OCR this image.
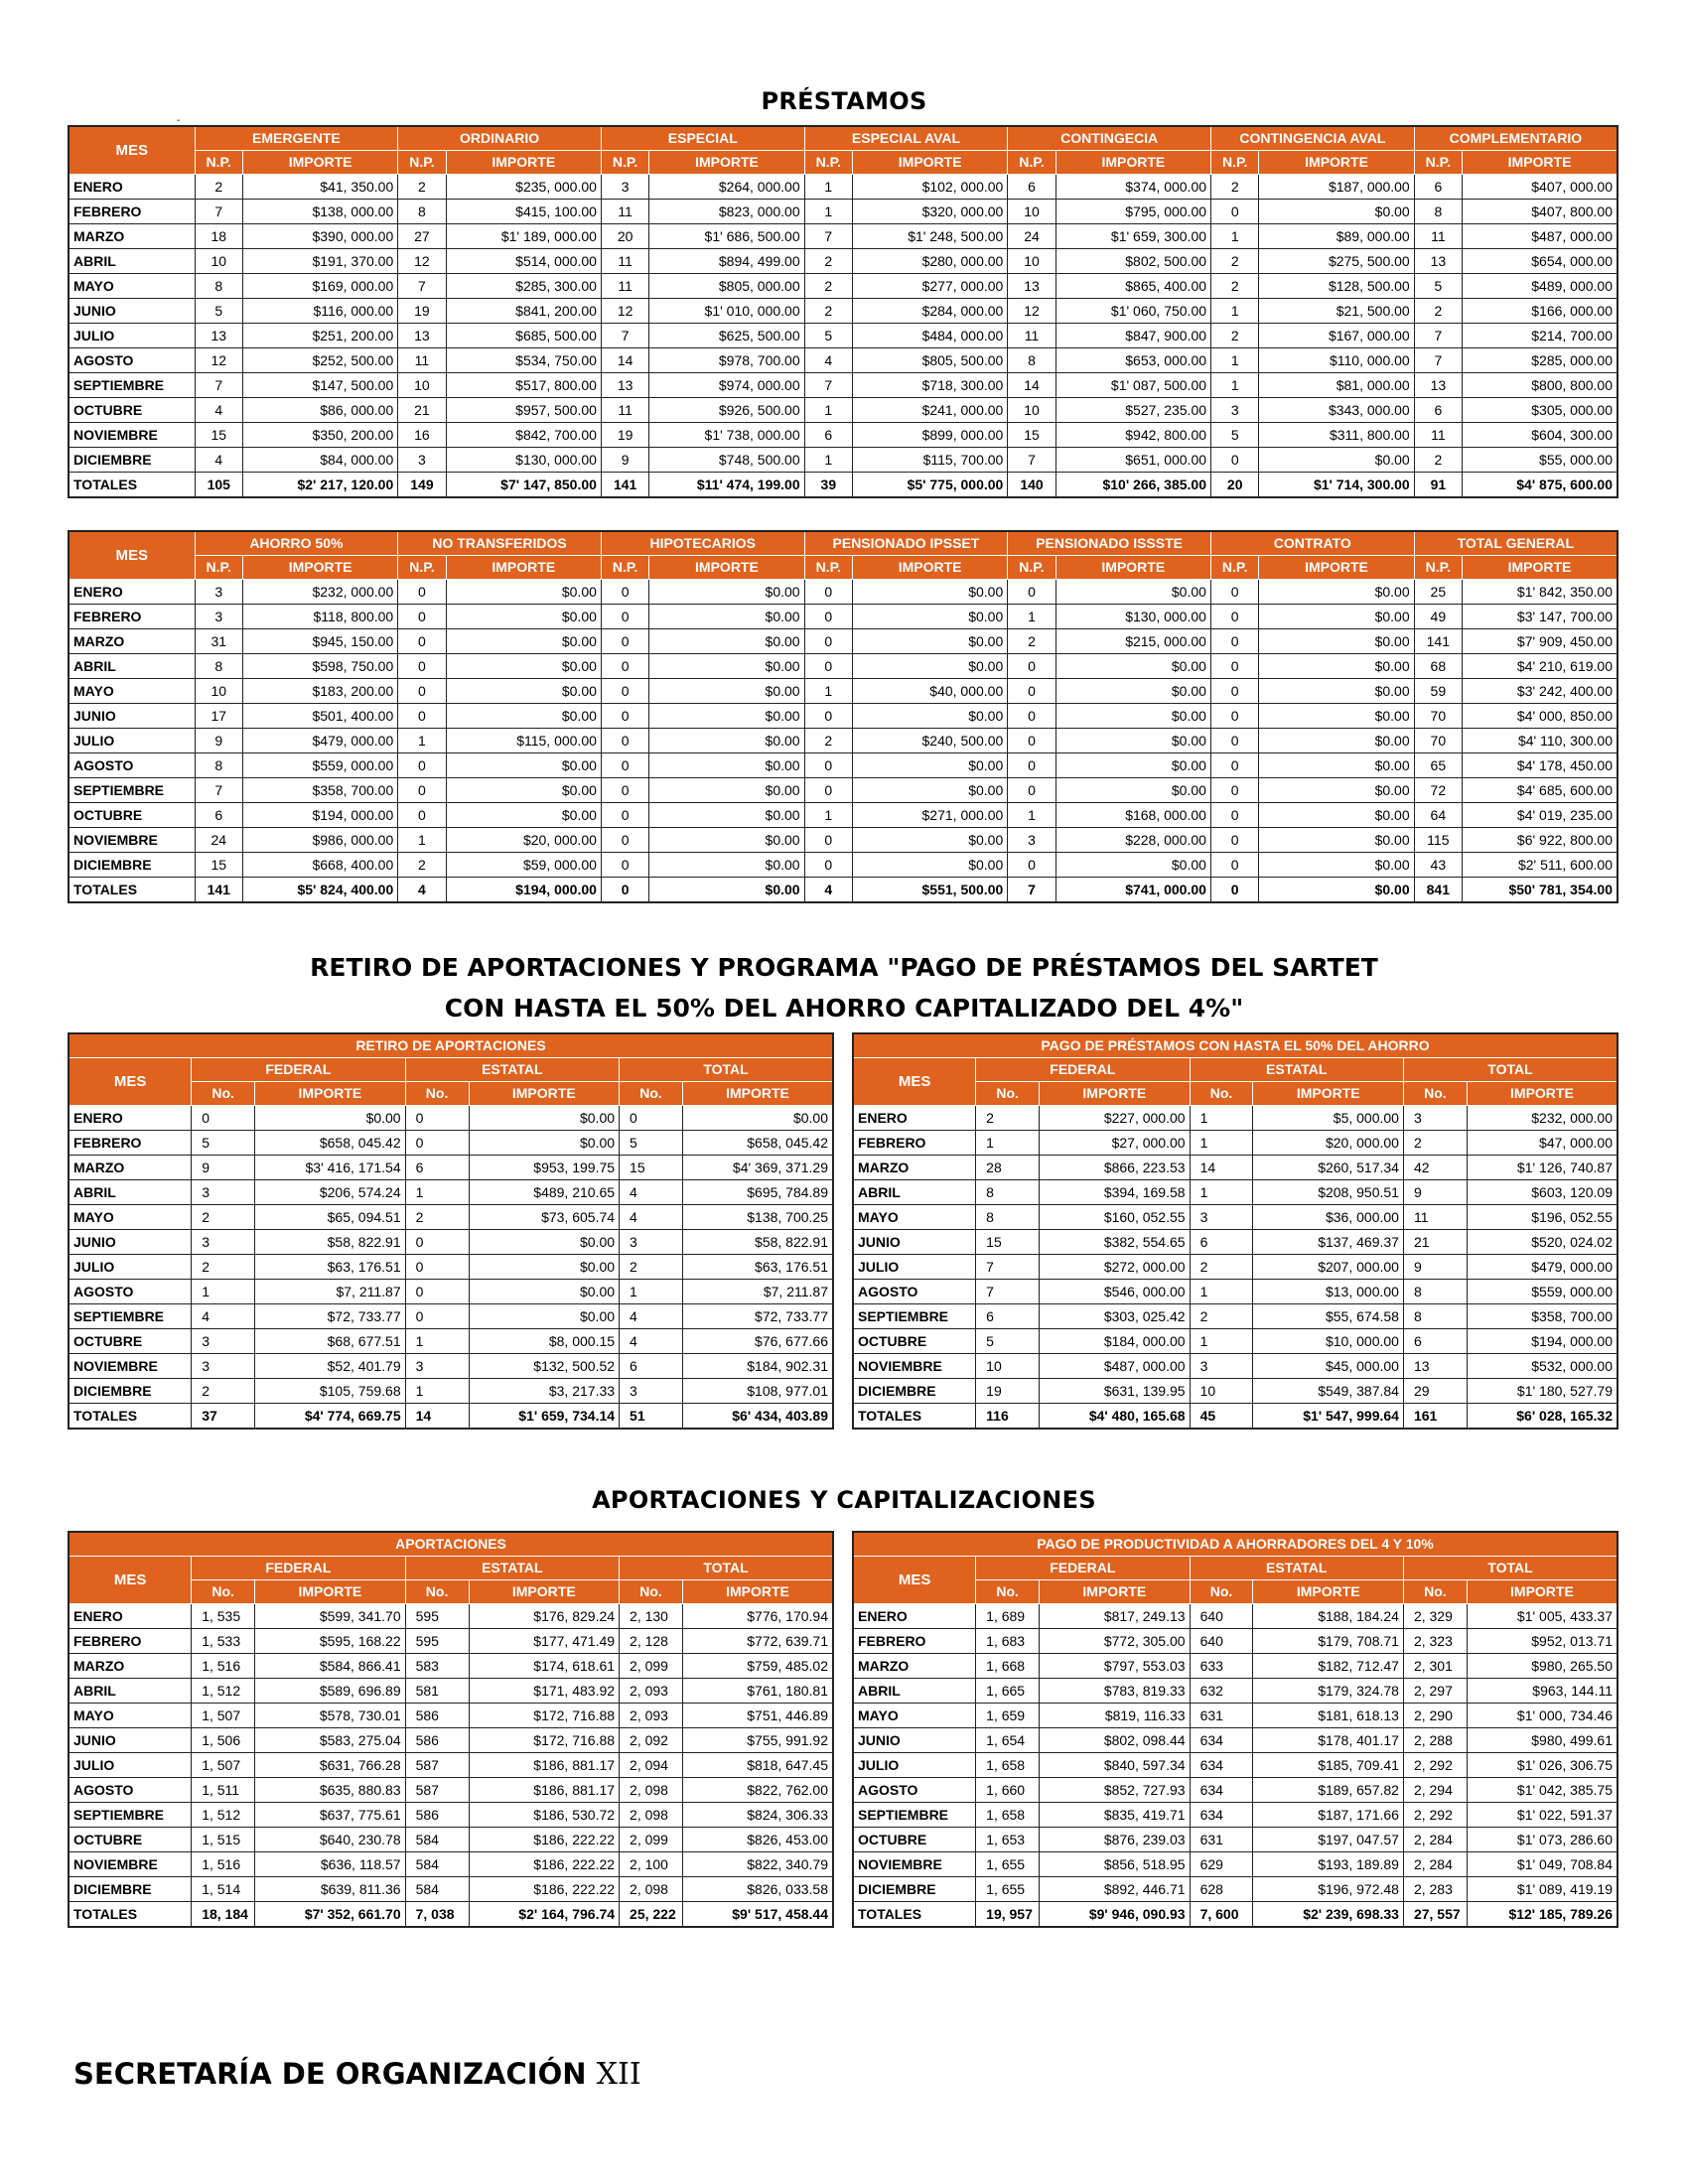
PRÉSTAMOS
-
MES	EMERGENTE		ORDINARIO		ESPECIAL		ESPECIAL AVAL		CONTINGECIA		CONTINGENCIA AVAL		COMPLEMENTARIO	
	N.P.	IMPORTE	N.P.	IMPORTE	N.P.	IMPORTE	N.P.	IMPORTE	N.P.	IMPORTE	N.P.	IMPORTE	N.P.	IMPORTE
ENERO	2	$41, 350.00	2	$235, 000.00	3	$264, 000.00	1	$102, 000.00	6	$374, 000.00	2	$187, 000.00	6	$407, 000.00
FEBRERO	7	$138, 000.00	8	$415, 100.00	11	$823, 000.00	1	$320, 000.00	10	$795, 000.00	0	$0.00	8	$407, 800.00
MARZO	18	$390, 000.00	27	$1' 189, 000.00	20	$1' 686, 500.00	7	$1' 248, 500.00	24	$1' 659, 300.00	1	$89, 000.00	11	$487, 000.00
ABRIL	10	$191, 370.00	12	$514, 000.00	11	$894, 499.00	2	$280, 000.00	10	$802, 500.00	2	$275, 500.00	13	$654, 000.00
MAYO	8	$169, 000.00	7	$285, 300.00	11	$805, 000.00	2	$277, 000.00	13	$865, 400.00	2	$128, 500.00	5	$489, 000.00
JUNIO	5	$116, 000.00	19	$841, 200.00	12	$1' 010, 000.00	2	$284, 000.00	12	$1' 060, 750.00	1	$21, 500.00	2	$166, 000.00
JULIO	13	$251, 200.00	13	$685, 500.00	7	$625, 500.00	5	$484, 000.00	11	$847, 900.00	2	$167, 000.00	7	$214, 700.00
AGOSTO	12	$252, 500.00	11	$534, 750.00	14	$978, 700.00	4	$805, 500.00	8	$653, 000.00	1	$110, 000.00	7	$285, 000.00
SEPTIEMBRE	7	$147, 500.00	10	$517, 800.00	13	$974, 000.00	7	$718, 300.00	14	$1' 087, 500.00	1	$81, 000.00	13	$800, 800.00
OCTUBRE	4	$86, 000.00	21	$957, 500.00	11	$926, 500.00	1	$241, 000.00	10	$527, 235.00	3	$343, 000.00	6	$305, 000.00
NOVIEMBRE	15	$350, 200.00	16	$842, 700.00	19	$1' 738, 000.00	6	$899, 000.00	15	$942, 800.00	5	$311, 800.00	11	$604, 300.00
DICIEMBRE	4	$84, 000.00	3	$130, 000.00	9	$748, 500.00	1	$115, 700.00	7	$651, 000.00	0	$0.00	2	$55, 000.00
TOTALES	105	$2' 217, 120.00	149	$7' 147, 850.00	141	$11' 474, 199.00	39	$5' 775, 000.00	140	$10' 266, 385.00	20	$1' 714, 300.00	91	$4' 875, 600.00
MES	AHORRO 50%		NO TRANSFERIDOS		HIPOTECARIOS		PENSIONADO IPSSET		PENSIONADO ISSSTE		CONTRATO		TOTAL GENERAL	
	N.P.	IMPORTE	N.P.	IMPORTE	N.P.	IMPORTE	N.P.	IMPORTE	N.P.	IMPORTE	N.P.	IMPORTE	N.P.	IMPORTE
ENERO	3	$232, 000.00	0	$0.00	0	$0.00	0	$0.00	0	$0.00	0	$0.00	25	$1' 842, 350.00
FEBRERO	3	$118, 800.00	0	$0.00	0	$0.00	0	$0.00	1	$130, 000.00	0	$0.00	49	$3' 147, 700.00
MARZO	31	$945, 150.00	0	$0.00	0	$0.00	0	$0.00	2	$215, 000.00	0	$0.00	141	$7' 909, 450.00
ABRIL	8	$598, 750.00	0	$0.00	0	$0.00	0	$0.00	0	$0.00	0	$0.00	68	$4' 210, 619.00
MAYO	10	$183, 200.00	0	$0.00	0	$0.00	1	$40, 000.00	0	$0.00	0	$0.00	59	$3' 242, 400.00
JUNIO	17	$501, 400.00	0	$0.00	0	$0.00	0	$0.00	0	$0.00	0	$0.00	70	$4' 000, 850.00
JULIO	9	$479, 000.00	1	$115, 000.00	0	$0.00	2	$240, 500.00	0	$0.00	0	$0.00	70	$4' 110, 300.00
AGOSTO	8	$559, 000.00	0	$0.00	0	$0.00	0	$0.00	0	$0.00	0	$0.00	65	$4' 178, 450.00
SEPTIEMBRE	7	$358, 700.00	0	$0.00	0	$0.00	0	$0.00	0	$0.00	0	$0.00	72	$4' 685, 600.00
OCTUBRE	6	$194, 000.00	0	$0.00	0	$0.00	1	$271, 000.00	1	$168, 000.00	0	$0.00	64	$4' 019, 235.00
NOVIEMBRE	24	$986, 000.00	1	$20, 000.00	0	$0.00	0	$0.00	3	$228, 000.00	0	$0.00	115	$6' 922, 800.00
DICIEMBRE	15	$668, 400.00	2	$59, 000.00	0	$0.00	0	$0.00	0	$0.00	0	$0.00	43	$2' 511, 600.00
TOTALES	141	$5' 824, 400.00	4	$194, 000.00	0	$0.00	4	$551, 500.00	7	$741, 000.00	0	$0.00	841	$50' 781, 354.00
RETIRO DE APORTACIONES Y PROGRAMA "PAGO DE PRÉSTAMOS DEL SARTET
CON HASTA EL 50% DEL AHORRO CAPITALIZADO DEL 4%"
RETIRO DE APORTACIONES						
MES	FEDERAL		ESTATAL		TOTAL	
	No.	IMPORTE	No.	IMPORTE	No.	IMPORTE
ENERO	0	$0.00	0	$0.00	0	$0.00
FEBRERO	5	$658, 045.42	0	$0.00	5	$658, 045.42
MARZO	9	$3' 416, 171.54	6	$953, 199.75	15	$4' 369, 371.29
ABRIL	3	$206, 574.24	1	$489, 210.65	4	$695, 784.89
MAYO	2	$65, 094.51	2	$73, 605.74	4	$138, 700.25
JUNIO	3	$58, 822.91	0	$0.00	3	$58, 822.91
JULIO	2	$63, 176.51	0	$0.00	2	$63, 176.51
AGOSTO	1	$7, 211.87	0	$0.00	1	$7, 211.87
SEPTIEMBRE	4	$72, 733.77	0	$0.00	4	$72, 733.77
OCTUBRE	3	$68, 677.51	1	$8, 000.15	4	$76, 677.66
NOVIEMBRE	3	$52, 401.79	3	$132, 500.52	6	$184, 902.31
DICIEMBRE	2	$105, 759.68	1	$3, 217.33	3	$108, 977.01
TOTALES	37	$4' 774, 669.75	14	$1' 659, 734.14	51	$6' 434, 403.89
PAGO DE PRÉSTAMOS CON HASTA EL 50% DEL AHORRO						
MES	FEDERAL		ESTATAL		TOTAL	
	No.	IMPORTE	No.	IMPORTE	No.	IMPORTE
ENERO	2	$227, 000.00	1	$5, 000.00	3	$232, 000.00
FEBRERO	1	$27, 000.00	1	$20, 000.00	2	$47, 000.00
MARZO	28	$866, 223.53	14	$260, 517.34	42	$1' 126, 740.87
ABRIL	8	$394, 169.58	1	$208, 950.51	9	$603, 120.09
MAYO	8	$160, 052.55	3	$36, 000.00	11	$196, 052.55
JUNIO	15	$382, 554.65	6	$137, 469.37	21	$520, 024.02
JULIO	7	$272, 000.00	2	$207, 000.00	9	$479, 000.00
AGOSTO	7	$546, 000.00	1	$13, 000.00	8	$559, 000.00
SEPTIEMBRE	6	$303, 025.42	2	$55, 674.58	8	$358, 700.00
OCTUBRE	5	$184, 000.00	1	$10, 000.00	6	$194, 000.00
NOVIEMBRE	10	$487, 000.00	3	$45, 000.00	13	$532, 000.00
DICIEMBRE	19	$631, 139.95	10	$549, 387.84	29	$1' 180, 527.79
TOTALES	116	$4' 480, 165.68	45	$1' 547, 999.64	161	$6' 028, 165.32
APORTACIONES Y CAPITALIZACIONES
APORTACIONES						
MES	FEDERAL		ESTATAL		TOTAL	
	No.	IMPORTE	No.	IMPORTE	No.	IMPORTE
ENERO	1, 535	$599, 341.70	595	$176, 829.24	2, 130	$776, 170.94
FEBRERO	1, 533	$595, 168.22	595	$177, 471.49	2, 128	$772, 639.71
MARZO	1, 516	$584, 866.41	583	$174, 618.61	2, 099	$759, 485.02
ABRIL	1, 512	$589, 696.89	581	$171, 483.92	2, 093	$761, 180.81
MAYO	1, 507	$578, 730.01	586	$172, 716.88	2, 093	$751, 446.89
JUNIO	1, 506	$583, 275.04	586	$172, 716.88	2, 092	$755, 991.92
JULIO	1, 507	$631, 766.28	587	$186, 881.17	2, 094	$818, 647.45
AGOSTO	1, 511	$635, 880.83	587	$186, 881.17	2, 098	$822, 762.00
SEPTIEMBRE	1, 512	$637, 775.61	586	$186, 530.72	2, 098	$824, 306.33
OCTUBRE	1, 515	$640, 230.78	584	$186, 222.22	2, 099	$826, 453.00
NOVIEMBRE	1, 516	$636, 118.57	584	$186, 222.22	2, 100	$822, 340.79
DICIEMBRE	1, 514	$639, 811.36	584	$186, 222.22	2, 098	$826, 033.58
TOTALES	18, 184	$7' 352, 661.70	7, 038	$2' 164, 796.74	25, 222	$9' 517, 458.44
PAGO DE PRODUCTIVIDAD A AHORRADORES DEL 4 Y 10%						
MES	FEDERAL		ESTATAL		TOTAL	
	No.	IMPORTE	No.	IMPORTE	No.	IMPORTE
ENERO	1, 689	$817, 249.13	640	$188, 184.24	2, 329	$1' 005, 433.37
FEBRERO	1, 683	$772, 305.00	640	$179, 708.71	2, 323	$952, 013.71
MARZO	1, 668	$797, 553.03	633	$182, 712.47	2, 301	$980, 265.50
ABRIL	1, 665	$783, 819.33	632	$179, 324.78	2, 297	$963, 144.11
MAYO	1, 659	$819, 116.33	631	$181, 618.13	2, 290	$1' 000, 734.46
JUNIO	1, 654	$802, 098.44	634	$178, 401.17	2, 288	$980, 499.61
JULIO	1, 658	$840, 597.34	634	$185, 709.41	2, 292	$1' 026, 306.75
AGOSTO	1, 660	$852, 727.93	634	$189, 657.82	2, 294	$1' 042, 385.75
SEPTIEMBRE	1, 658	$835, 419.71	634	$187, 171.66	2, 292	$1' 022, 591.37
OCTUBRE	1, 653	$876, 239.03	631	$197, 047.57	2, 284	$1' 073, 286.60
NOVIEMBRE	1, 655	$856, 518.95	629	$193, 189.89	2, 284	$1' 049, 708.84
DICIEMBRE	1, 655	$892, 446.71	628	$196, 972.48	2, 283	$1' 089, 419.19
TOTALES	19, 957	$9' 946, 090.93	7, 600	$2' 239, 698.33	27, 557	$12' 185, 789.26
SECRETARÍA DE ORGANIZACIÓN XII
